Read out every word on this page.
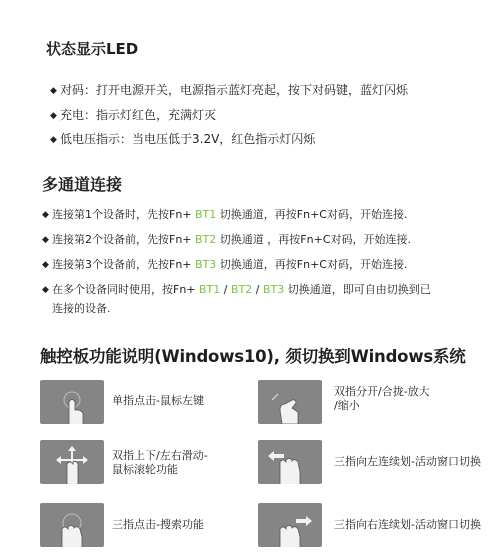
状态显示LED
◆ 对码：打开电源开关，电源指示蓝灯亮起，按下对码键，蓝灯闪烁
◆ 充电：指示灯红色，充满灯灭
◆ 低电压指示：当电压低于3.2V，红色指示灯闪烁
多通道连接
◆ 连接第1个设备时，先按Fn+ BT1 切换通道，再按Fn+C对码，开始连接.
◆ 连接第2个设备前，先按Fn+ BT2 切换通道 ，再按Fn+C对码，开始连接.
◆ 连接第3个设备前，先按Fn+ BT3 切换通道，再按Fn+C对码，开始连接.
◆ 在多个设备同时使用，按Fn+ BT1 / BT2 / BT3 切换通道，即可自由切换到已
连接的设备.
触控板功能说明(Windows10), 须切换到Windows系统
单指点击-鼠标左键
双指分开/合拢-放大
/缩小
双指上下/左右滑动-
鼠标滚轮功能
三指向左连续划-活动窗口切换
三指点击-搜索功能	三指向右连续划-活动窗口切换
